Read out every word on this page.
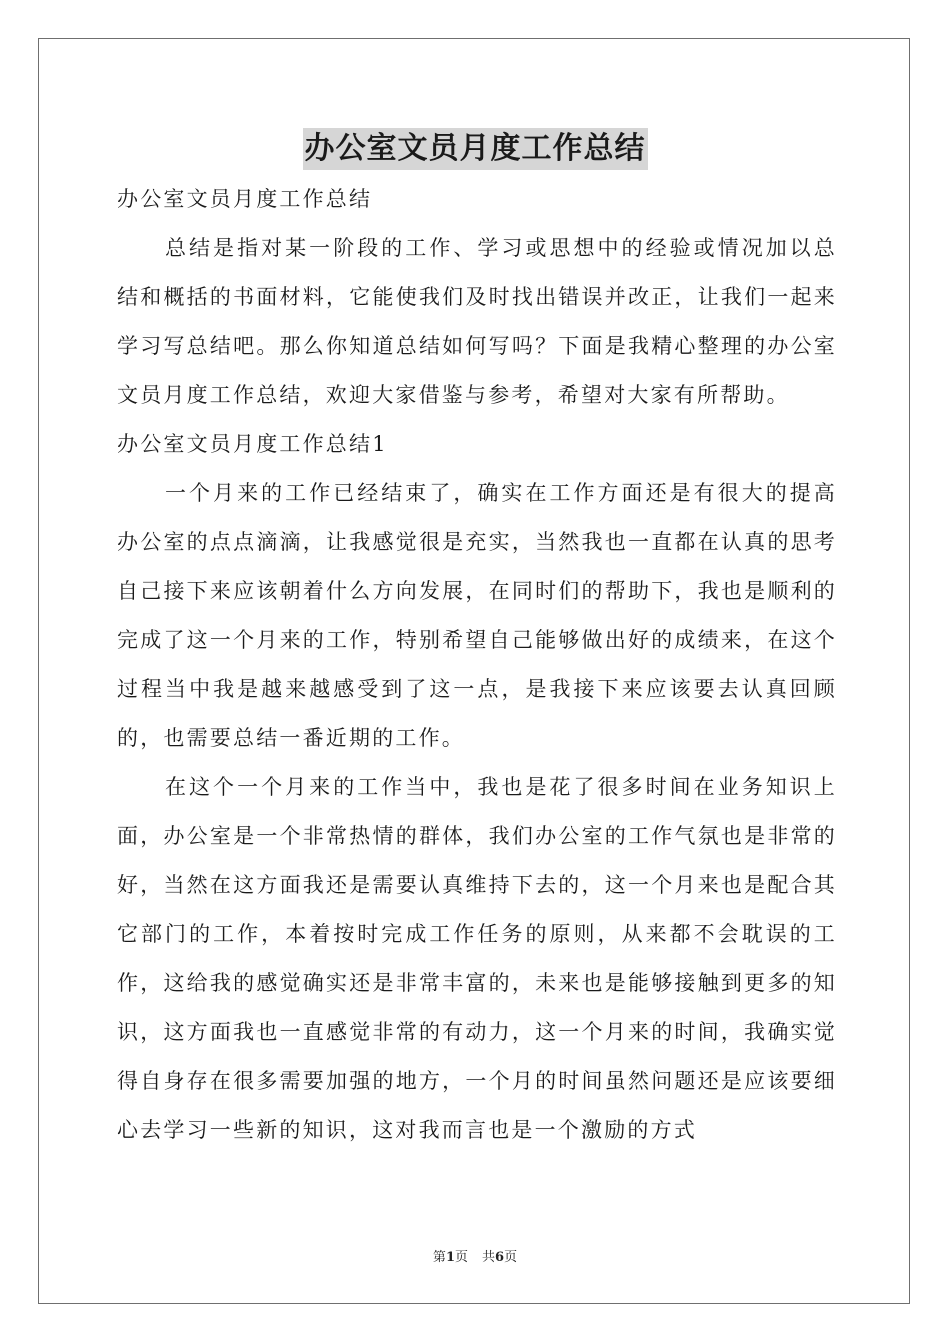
办公室文员月度工作总结

办公室文员月度工作总结

总结是指对某一阶段的工作、学习或思想中的经验或情况加以总结和概括的书面材料，它能使我们及时找出错误并改正，让我们一起来学习写总结吧。那么你知道总结如何写吗？下面是我精心整理的办公室文员月度工作总结，欢迎大家借鉴与参考，希望对大家有所帮助。

办公室文员月度工作总结1

一个月来的工作已经结束了，确实在工作方面还是有很大的提高办公室的点点滴滴，让我感觉很是充实，当然我也一直都在认真的思考自己接下来应该朝着什么方向发展，在同时们的帮助下，我也是顺利的完成了这一个月来的工作，特别希望自己能够做出好的成绩来，在这个过程当中我是越来越感受到了这一点，是我接下来应该要去认真回顾的，也需要总结一番近期的工作。

在这个一个月来的工作当中，我也是花了很多时间在业务知识上面，办公室是一个非常热情的群体，我们办公室的工作气氛也是非常的好，当然在这方面我还是需要认真维持下去的，这一个月来也是配合其它部门的工作，本着按时完成工作任务的原则，从来都不会耽误的工作，这给我的感觉确实还是非常丰富的，未来也是能够接触到更多的知识，这方面我也一直感觉非常的有动力，这一个月来的时间，我确实觉得自身存在很多需要加强的地方，一个月的时间虽然问题还是应该要细心去学习一些新的知识，这对我而言也是一个激励的方式

第1页 共6页
